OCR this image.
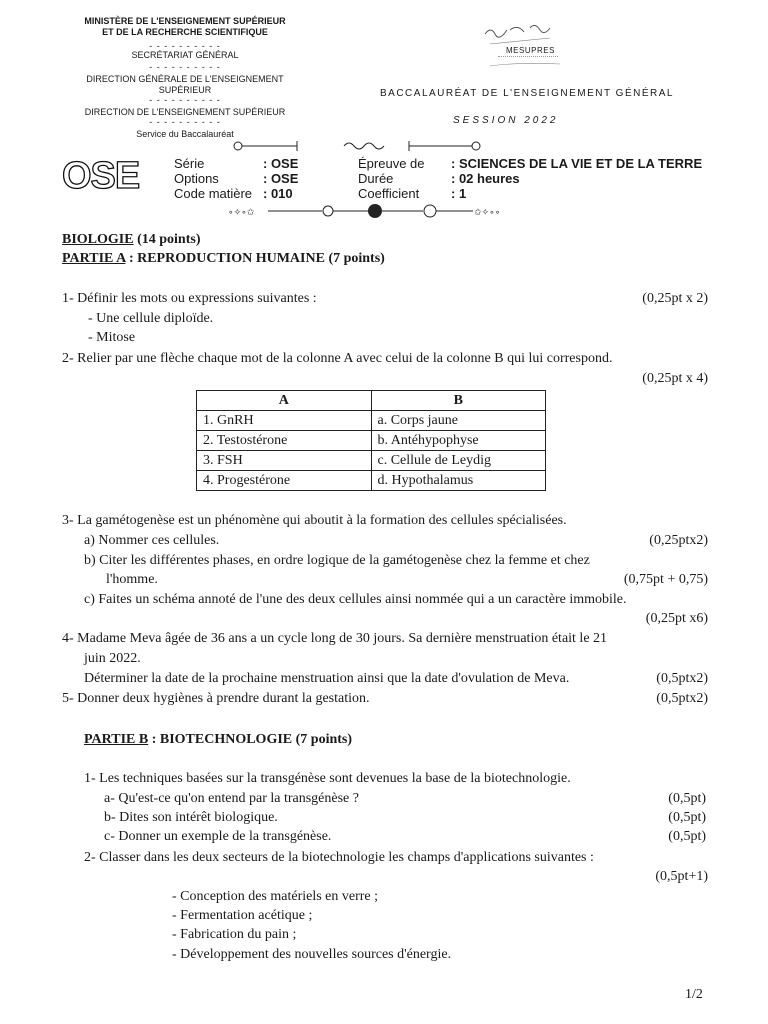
MINISTÈRE DE L'ENSEIGNEMENT SUPÉRIEUR
ET DE LA RECHERCHE SCIENTIFIQUE
- - - - - - - - - -
SECRÉTARIAT GÉNÉRAL
- - - - - - - - - -
DIRECTION GÉNÉRALE DE L'ENSEIGNEMENT SUPÉRIEUR
- - - - - - - - - -
DIRECTION DE L'ENSEIGNEMENT SUPÉRIEUR
- - - - - - - - - -
Service du Baccalauréat
MESUPRES
BACCALAURÉAT DE L'ENSEIGNEMENT GÉNÉRAL
SESSION 2022
OSE	Série	: OSE
Options	: OSE
Code matière : 010
Épreuve de : SCIENCES DE LA VIE ET DE LA TERRE
Durée	: 02 heures
Coefficient : 1
∘✧∘✩	✩✧∘∘
BIOLOGIE (14 points)
PARTIE A : REPRODUCTION HUMAINE (7 points)
1- Définir les mots ou expressions suivantes :	(0,25pt x 2)
- Une cellule diploïde.
- Mitose
2- Relier par une flèche chaque mot de la colonne A avec celui de la colonne B qui lui correspond.
(0,25pt x 4)
A	B
1. GnRH	a. Corps jaune
2. Testostérone	b. Antéhypophyse
3. FSH	c. Cellule de Leydig
4. Progestérone	d. Hypothalamus
3- La gamétogenèse est un phénomène qui aboutit à la formation des cellules spécialisées.
a) Nommer ces cellules.	(0,25ptx2)
b) Citer les différentes phases, en ordre logique de la gamétogenèse chez la femme et chez
l'homme.	(0,75pt + 0,75)
c) Faites un schéma annoté de l'une des deux cellules ainsi nommée qui a un caractère immobile.
(0,25pt x6)
4- Madame Meva âgée de 36 ans a un cycle long de 30 jours. Sa dernière menstruation était le 21
juin 2022.
Déterminer la date de la prochaine menstruation ainsi que la date d'ovulation de Meva.	(0,5ptx2)
5- Donner deux hygiènes à prendre durant la gestation.	(0,5ptx2)
PARTIE B : BIOTECHNOLOGIE (7 points)
1- Les techniques basées sur la transgénèse sont devenues la base de la biotechnologie.
a- Qu'est-ce qu'on entend par la transgénèse ?	(0,5pt)
b- Dites son intérêt biologique.	(0,5pt)
c- Donner un exemple de la transgénèse.	(0,5pt)
2- Classer dans les deux secteurs de la biotechnologie les champs d'applications suivantes :
(0,5pt+1)
- Conception des matériels en verre ;
- Fermentation acétique ;
- Fabrication du pain ;
- Développement des nouvelles sources d'énergie.
1/2
